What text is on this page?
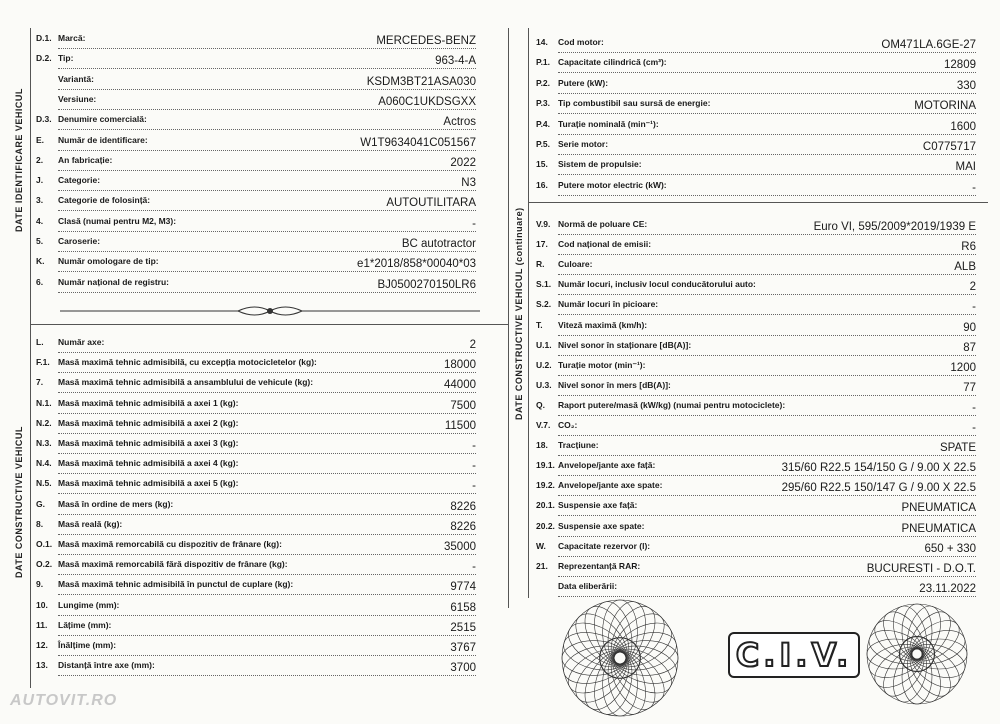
DATE IDENTIFICARE VEHICUL
DATE CONSTRUCTIVE VEHICUL
DATE CONSTRUCTIVE VEHICUL (continuare)
D.1. Marcă:	MERCEDES-BENZ
D.2. Tip:	963-4-A
Variantă:	KSDM3BT21ASA030
Versiune:	A060C1UKDSGXX
D.3. Denumire comercială:	Actros
E.	Număr de identificare:	W1T9634041C051567
2.	An fabricație:	2022
J.	Categorie:	N3
3.	Categorie de folosință:	AUTOUTILITARA
4.	Clasă (numai pentru M2, M3):	-
5.	Caroserie:	BC autotractor
K.	Număr omologare de tip:	e1*2018/858*00040*03
6.	Număr național de registru:	BJ0500270150LR6
L.	Număr axe:	2
F.1. Masă maximă tehnic admisibilă, cu excepția motocicletelor (kg):	18000
7.	Masă maximă tehnic admisibilă a ansamblului de vehicule (kg):	44000
N.1. Masă maximă tehnic admisibilă a axei 1 (kg):	7500
N.2. Masă maximă tehnic admisibilă a axei 2 (kg):	11500
N.3. Masă maximă tehnic admisibilă a axei 3 (kg):	-
N.4. Masă maximă tehnic admisibilă a axei 4 (kg):	-
N.5. Masă maximă tehnic admisibilă a axei 5 (kg):	-
G.	Masă în ordine de mers (kg):	8226
8.	Masă reală (kg):	8226
O.1. Masă maximă remorcabilă cu dispozitiv de frânare (kg):	35000
O.2. Masă maximă remorcabilă fără dispozitiv de frânare (kg):	-
9.	Masă maximă tehnic admisibilă în punctul de cuplare (kg):	9774
10.	Lungime (mm):	6158
11.	Lățime (mm):	2515
12.	Înălțime (mm):	3767
13.	Distanță între axe (mm):	3700
14.	Cod motor:	OM471LA.6GE-27
P.1. Capacitate cilindrică (cm³):	12809
P.2. Putere (kW):	330
P.3. Tip combustibil sau sursă de energie:	MOTORINA
P.4. Turație nominală (min⁻¹):	1600
P.5. Serie motor:	C0775717
15.	Sistem de propulsie:	MAI
16.	Putere motor electric (kW):	-
V.9. Normă de poluare CE:	Euro VI, 595/2009*2019/1939 E
17.	Cod național de emisii:	R6
R.	Culoare:	ALB
S.1. Număr locuri, inclusiv locul conducătorului auto:	2
S.2. Număr locuri în picioare:	-
T.	Viteză maximă (km/h):	90
U.1. Nivel sonor în staționare [dB(A)]:	87
U.2. Turație motor (min⁻¹):	1200
U.3. Nivel sonor în mers [dB(A)]:	77
Q.	Raport putere/masă (kW/kg) (numai pentru motociclete):	-
V.7. CO₂:	-
18.	Tracțiune:	SPATE
19.1. Anvelope/jante axe față:	315/60 R22.5 154/150 G / 9.00 X 22.5
19.2. Anvelope/jante axe spate:	295/60 R22.5 150/147 G / 9.00 X 22.5
20.1. Suspensie axe față:	PNEUMATICA
20.2. Suspensie axe spate:	PNEUMATICA
W.	Capacitate rezervor (l):	650 + 330
21.	Reprezentanță RAR:	BUCURESTI - D.O.T.
Data eliberării:	23.11.2022
C.I.V.
AUTOVIT.RO
